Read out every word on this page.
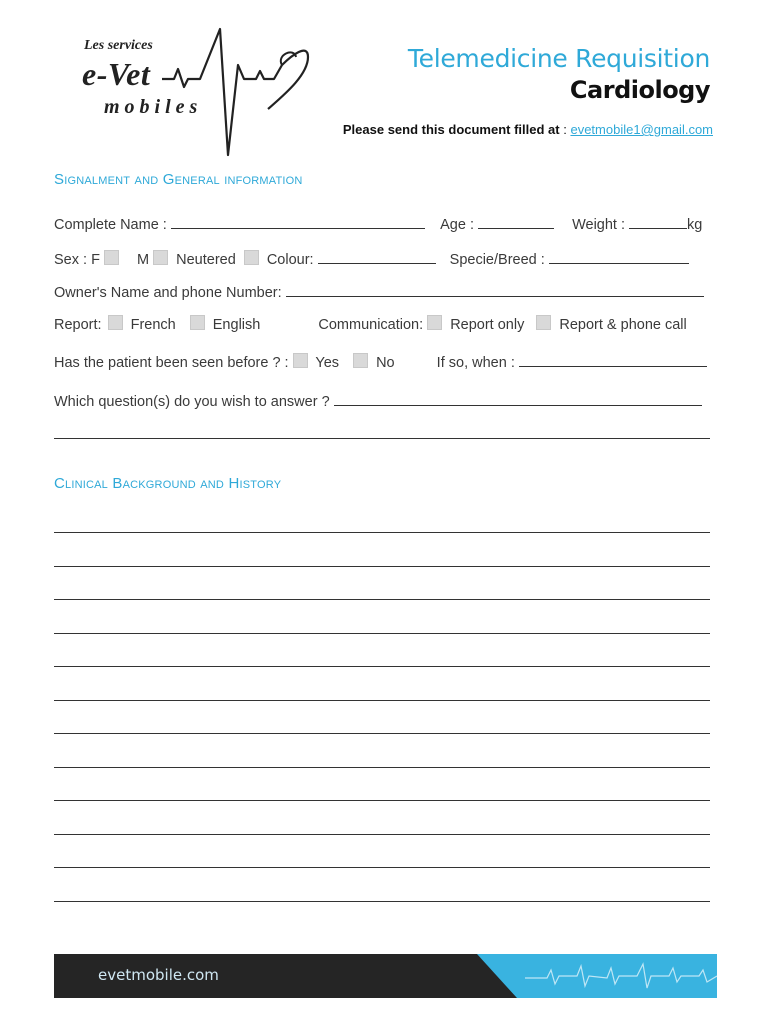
Les services
e-Vet
mobiles
Telemedicine Requisition
Cardiology
Please send this document filled at : evetmobile1@gmail.com
Signalment and General information
Complete Name :	Age :	Weight :	kg
Sex : F	M Neutered Colour:	Specie/Breed :
Owner's Name and phone Number:
Report: French	English	Communication: Report only Report & phone call
Has the patient been seen before ? : Yes	No	If so, when :
Which question(s) do you wish to answer ?
Clinical Background and History
evetmobile.com
